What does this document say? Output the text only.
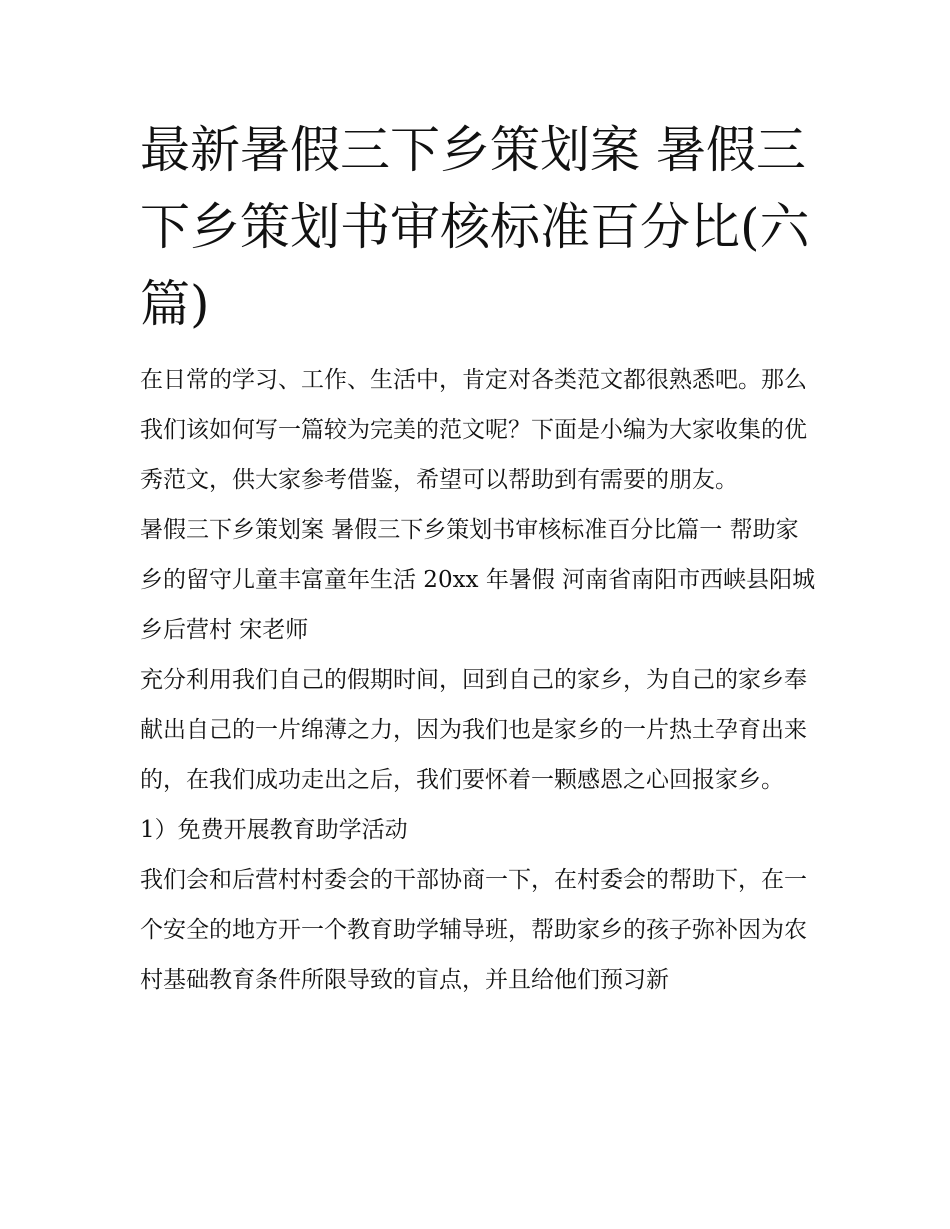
最新暑假三下乡策划案 暑假三下乡策划书审核标准百分比(六篇)

在日常的学习、工作、生活中，肯定对各类范文都很熟悉吧。那么我们该如何写一篇较为完美的范文呢？下面是小编为大家收集的优秀范文，供大家参考借鉴，希望可以帮助到有需要的朋友。

暑假三下乡策划案 暑假三下乡策划书审核标准百分比篇一 帮助家乡的留守儿童丰富童年生活 20xx 年暑假 河南省南阳市西峡县阳城乡后营村 宋老师

充分利用我们自己的假期时间，回到自己的家乡，为自己的家乡奉献出自己的一片绵薄之力，因为我们也是家乡的一片热土孕育出来的，在我们成功走出之后，我们要怀着一颗感恩之心回报家乡。

1）免费开展教育助学活动

我们会和后营村村委会的干部协商一下，在村委会的帮助下，在一个安全的地方开一个教育助学辅导班，帮助家乡的孩子弥补因为农村基础教育条件所限导致的盲点，并且给他们预习新
